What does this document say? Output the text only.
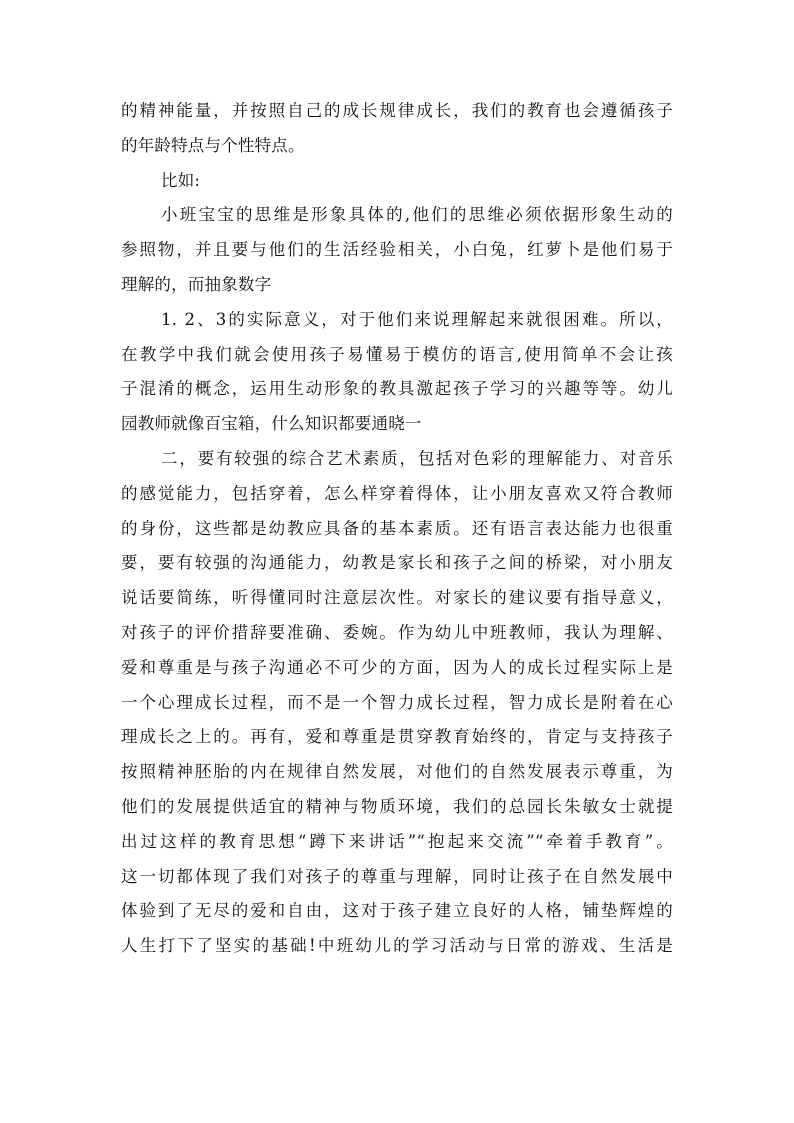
的精神能量，并按照自己的成长规律成长，我们的教育也会遵循孩子
的年龄特点与个性特点。
比如:
小班宝宝的思维是形象具体的,他们的思维必须依据形象生动的
参照物，并且要与他们的生活经验相关，小白兔，红萝卜是他们易于
理解的，而抽象数字
1. 2、3的实际意义，对于他们来说理解起来就很困难。所以，
在教学中我们就会使用孩子易懂易于模仿的语言,使用简单不会让孩
子混淆的概念，运用生动形象的教具激起孩子学习的兴趣等等。幼儿
园教师就像百宝箱，什么知识都要通晓一
二，要有较强的综合艺术素质，包括对色彩的理解能力、对音乐
的感觉能力，包括穿着，怎么样穿着得体，让小朋友喜欢又符合教师
的身份，这些都是幼教应具备的基本素质。还有语言表达能力也很重
要，要有较强的沟通能力，幼教是家长和孩子之间的桥梁，对小朋友
说话要简练，听得懂同时注意层次性。对家长的建议要有指导意义，
对孩子的评价措辞要准确、委婉。作为幼儿中班教师，我认为理解、
爱和尊重是与孩子沟通必不可少的方面，因为人的成长过程实际上是
一个心理成长过程，而不是一个智力成长过程，智力成长是附着在心
理成长之上的。再有，爱和尊重是贯穿教育始终的，肯定与支持孩子
按照精神胚胎的内在规律自然发展，对他们的自然发展表示尊重，为
他们的发展提供适宜的精神与物质环境，我们的总园长朱敏女士就提
出过这样的教育思想“蹲下来讲话”“抱起来交流”“牵着手教育”。
这一切都体现了我们对孩子的尊重与理解，同时让孩子在自然发展中
体验到了无尽的爱和自由，这对于孩子建立良好的人格，铺垫辉煌的
人生打下了坚实的基础!中班幼儿的学习活动与日常的游戏、生活是
